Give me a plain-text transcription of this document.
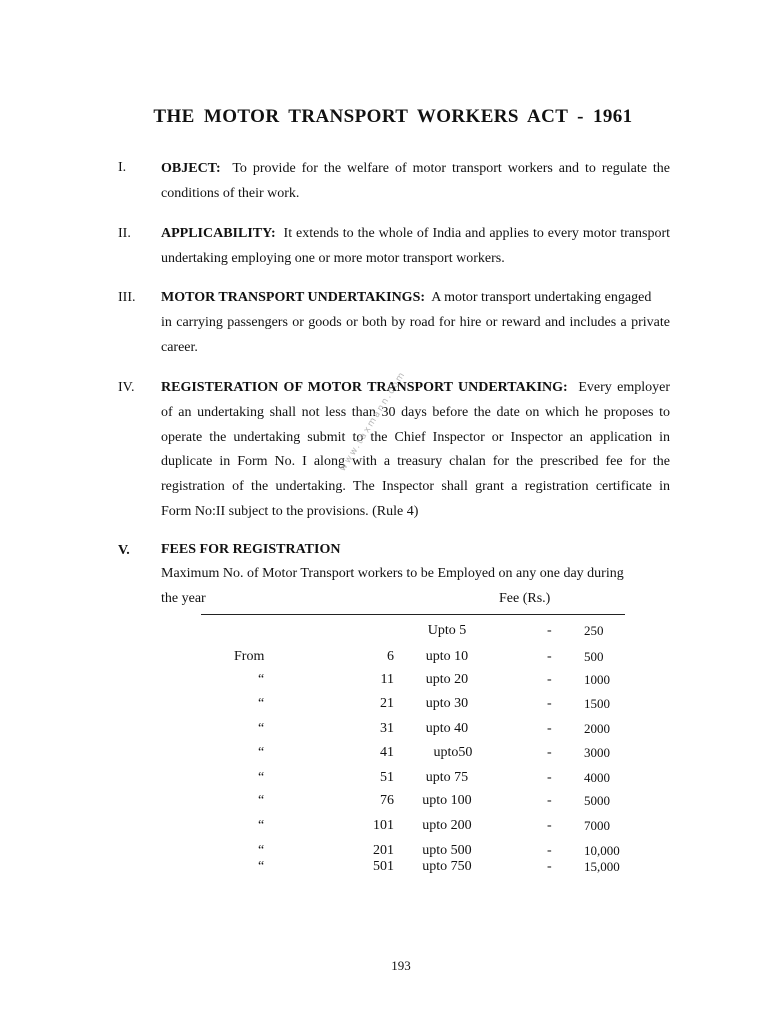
THE MOTOR TRANSPORT WORKERS ACT - 1961
I. OBJECT: To provide for the welfare of motor transport workers and to regulate the
conditions of their work.
II. APPLICABILITY: It extends to the whole of India and applies to every motor transport
undertaking employing one or more motor transport workers.
III. MOTOR TRANSPORT UNDERTAKINGS: A motor transport undertaking engaged
in carrying passengers or goods or both by road for hire or reward and includes a private
career.
IV. REGISTERATION OF MOTOR TRANSPORT UNDERTAKING: Every employer
of an undertaking shall not less than 30 days before the date on which he proposes to
operate the undertaking submit to the Chief Inspector or Inspector an application in
duplicate in Form No. I along with a treasury chalan for the prescribed fee for the
registration of the undertaking. The Inspector shall grant a registration certificate in
Form No:II subject to the provisions. (Rule 4)
www.taxmann.com
V. FEES FOR REGISTRATION
Maximum No. of Motor Transport workers to be Employed on any one day during
the year	Fee (Rs.)
Upto 5	- 250
From	6	upto 10	- 500
“	11	upto 20	- 1000
“	21	upto 30	- 1500
“	31	upto 40	- 2000
“	41	upto50	- 3000
“	51	upto 75	- 4000
“	76	upto 100	- 5000
“	101	upto 200	- 7000
“	201	upto 500	- 10,000
“	501	upto 750	- 15,000
193
